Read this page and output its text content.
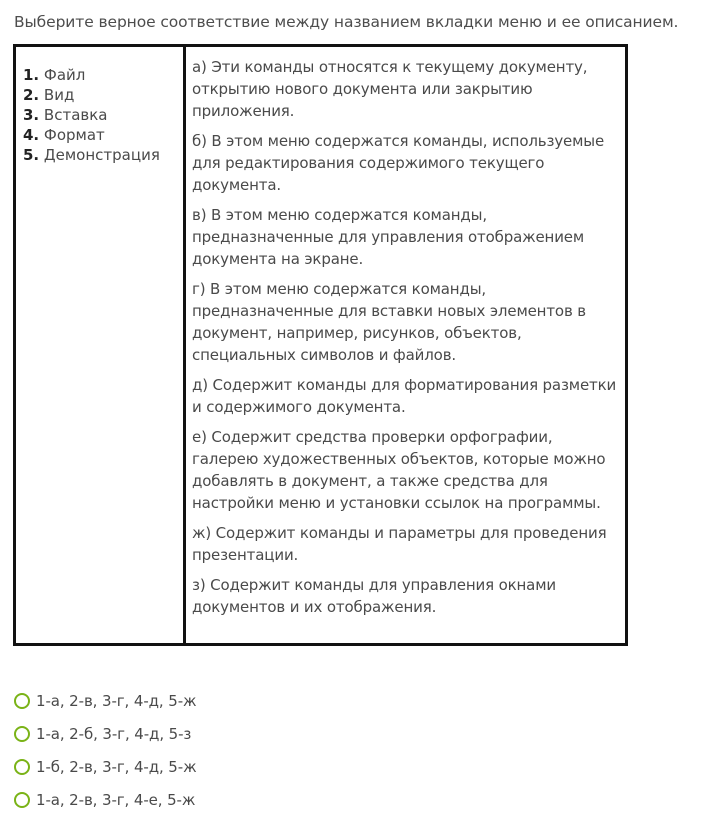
Выберите верное соответствие между названием вкладки меню и ее описанием.
1. Файл
2. Вид
3. Вставка
4. Формат
5. Демонстрация
а) Эти команды относятся к текущему документу, открытию нового документа или закрытию приложения.
б) В этом меню содержатся команды, используемые для редактирования содержимого текущего документа.
в) В этом меню содержатся команды, предназначенные для управления отображением документа на экране.
г) В этом меню содержатся команды, предназначенные для вставки новых элементов в документ, например, рисунков, объектов, специальных символов и файлов.
д) Содержит команды для форматирования разметки и содержимого документа.
е) Содержит средства проверки орфографии, галерею художественных объектов, которые можно добавлять в документ, а также средства для настройки меню и установки ссылок на программы.
ж) Содержит команды и параметры для проведения презентации.
з) Содержит команды для управления окнами документов и их отображения.
1-а, 2-в, 3-г, 4-д, 5-ж
1-а, 2-б, 3-г, 4-д, 5-з
1-б, 2-в, 3-г, 4-д, 5-ж
1-а, 2-в, 3-г, 4-е, 5-ж
